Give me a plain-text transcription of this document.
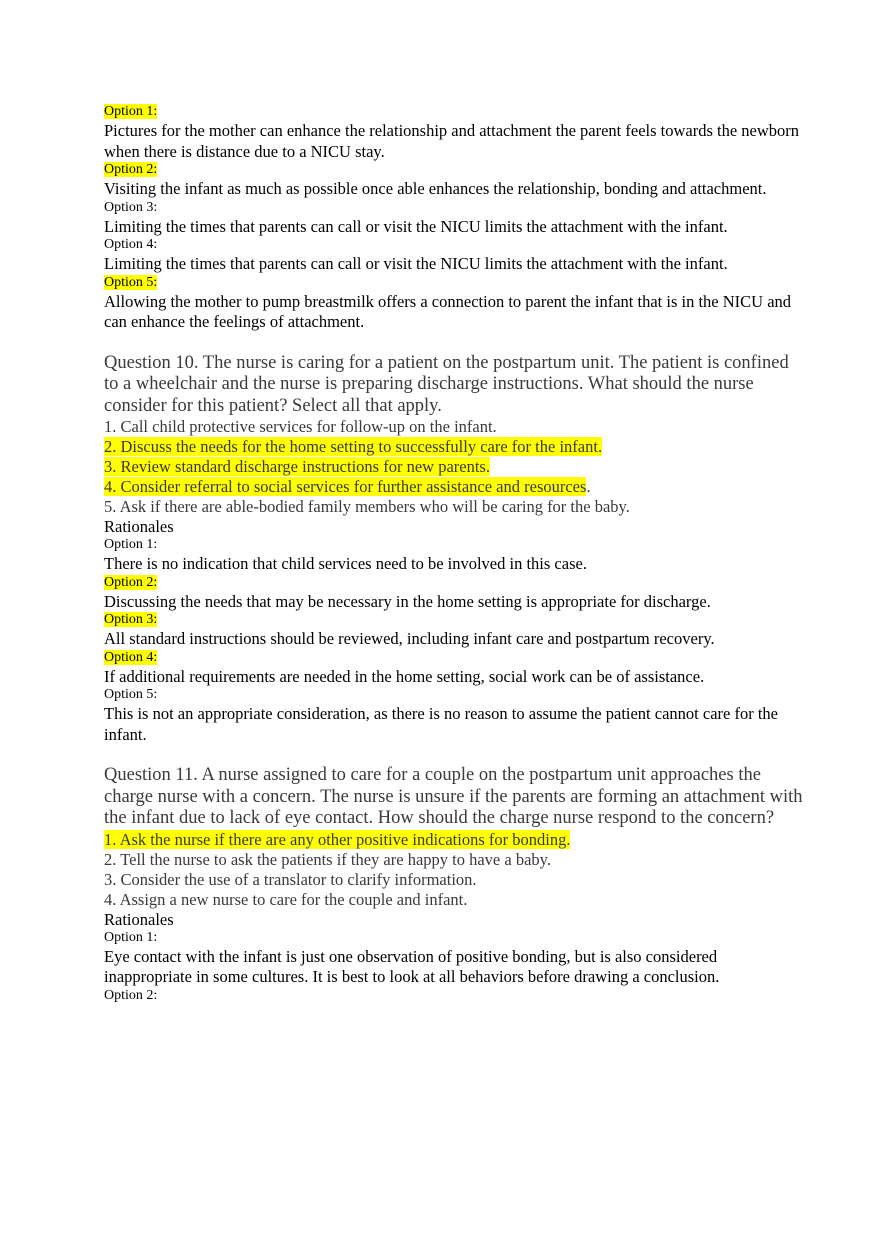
Option 1:
Pictures for the mother can enhance the relationship and attachment the parent feels towards the newborn when there is distance due to a NICU stay.
Option 2:
Visiting the infant as much as possible once able enhances the relationship, bonding and attachment.
Option 3:
Limiting the times that parents can call or visit the NICU limits the attachment with the infant.
Option 4:
Limiting the times that parents can call or visit the NICU limits the attachment with the infant.
Option 5:
Allowing the mother to pump breastmilk offers a connection to parent the infant that is in the NICU and can enhance the feelings of attachment.
Question 10. The nurse is caring for a patient on the postpartum unit. The patient is confined to a wheelchair and the nurse is preparing discharge instructions. What should the nurse consider for this patient? Select all that apply.
1. Call child protective services for follow-up on the infant.
2. Discuss the needs for the home setting to successfully care for the infant.
3. Review standard discharge instructions for new parents.
4. Consider referral to social services for further assistance and resources.
5. Ask if there are able-bodied family members who will be caring for the baby.
Rationales
Option 1:
There is no indication that child services need to be involved in this case.
Option 2:
Discussing the needs that may be necessary in the home setting is appropriate for discharge.
Option 3:
All standard instructions should be reviewed, including infant care and postpartum recovery.
Option 4:
If additional requirements are needed in the home setting, social work can be of assistance.
Option 5:
This is not an appropriate consideration, as there is no reason to assume the patient cannot care for the infant.
Question 11. A nurse assigned to care for a couple on the postpartum unit approaches the charge nurse with a concern. The nurse is unsure if the parents are forming an attachment with the infant due to lack of eye contact. How should the charge nurse respond to the concern?
1. Ask the nurse if there are any other positive indications for bonding.
2. Tell the nurse to ask the patients if they are happy to have a baby.
3. Consider the use of a translator to clarify information.
4. Assign a new nurse to care for the couple and infant.
Rationales
Option 1:
Eye contact with the infant is just one observation of positive bonding, but is also considered inappropriate in some cultures. It is best to look at all behaviors before drawing a conclusion.
Option 2:
